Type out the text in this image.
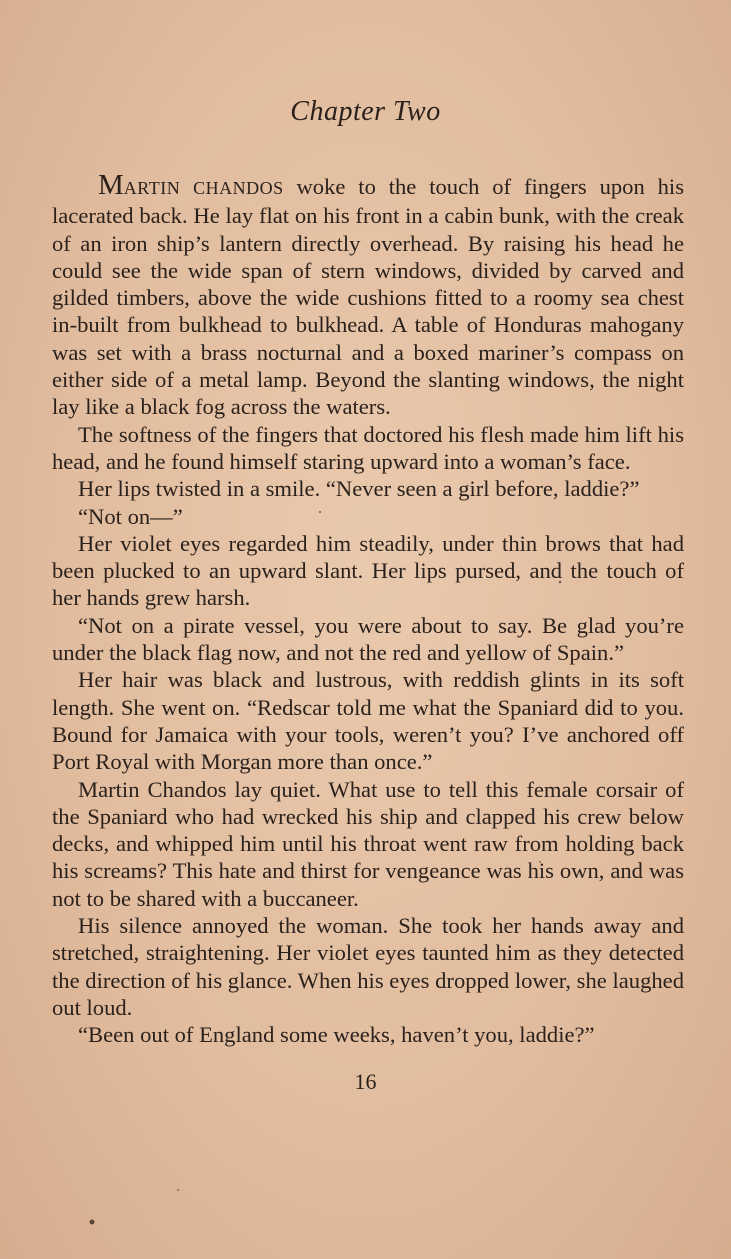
Chapter Two

MARTIN CHANDOS woke to the touch of fingers upon his lacerated back. He lay flat on his front in a cabin bunk, with the creak of an iron ship’s lantern directly overhead. By raising his head he could see the wide span of stern windows, divided by carved and gilded timbers, above the wide cushions fitted to a roomy sea chest in-built from bulkhead to bulkhead. A table of Honduras mahogany was set with a brass nocturnal and a boxed mariner’s compass on either side of a metal lamp. Beyond the slanting windows, the night lay like a black fog across the waters.

The softness of the fingers that doctored his flesh made him lift his head, and he found himself staring upward into a woman’s face.

Her lips twisted in a smile. “Never seen a girl before, laddie?”

“Not on—”

Her violet eyes regarded him steadily, under thin brows that had been plucked to an upward slant. Her lips pursed, and the touch of her hands grew harsh.

“Not on a pirate vessel, you were about to say. Be glad you’re under the black flag now, and not the red and yellow of Spain.”

Her hair was black and lustrous, with reddish glints in its soft length. She went on. “Redscar told me what the Spaniard did to you. Bound for Jamaica with your tools, weren’t you? I’ve anchored off Port Royal with Morgan more than once.”

Martin Chandos lay quiet. What use to tell this female corsair of the Spaniard who had wrecked his ship and clapped his crew below decks, and whipped him until his throat went raw from holding back his screams? This hate and thirst for vengeance was his own, and was not to be shared with a buccaneer.

His silence annoyed the woman. She took her hands away and stretched, straightening. Her violet eyes taunted him as they detected the direction of his glance. When his eyes dropped lower, she laughed out loud.

“Been out of England some weeks, haven’t you, laddie?”

16
